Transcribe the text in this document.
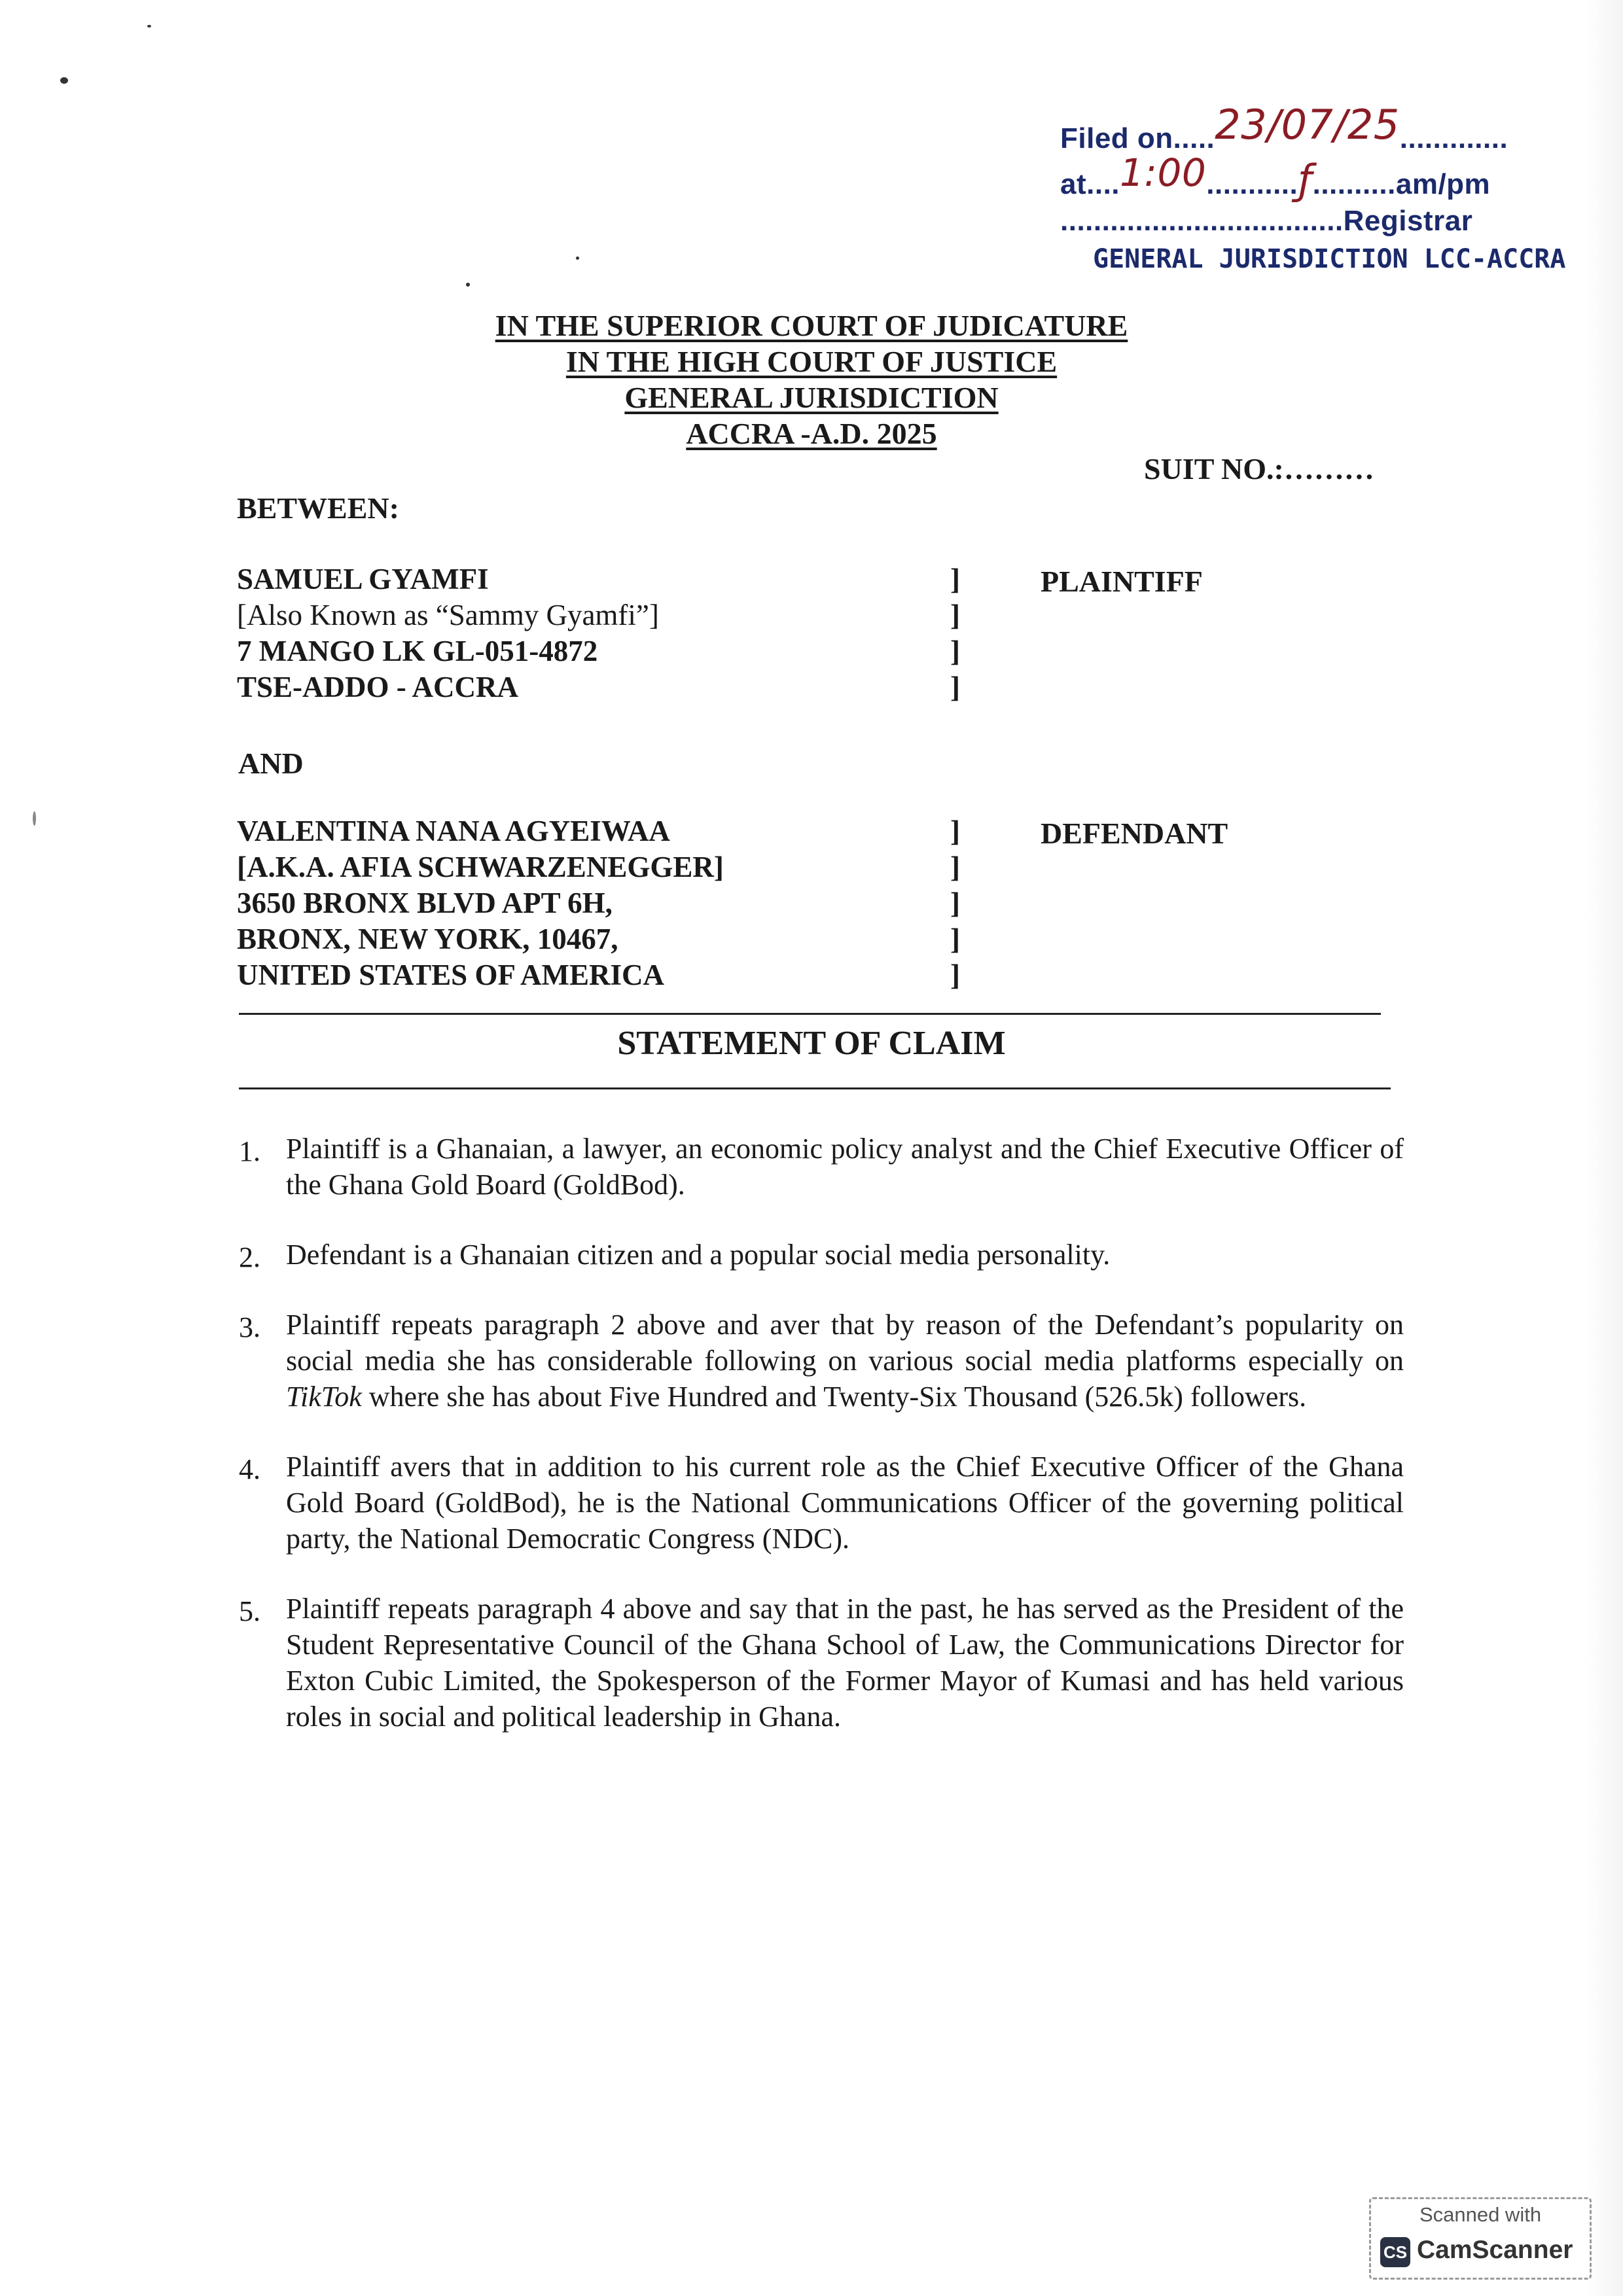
Filed on.....23/07/25.............
at....1:00...........ƒ..........am/pm
..................................Registrar
GENERAL JURISDICTION LCC-ACCRA
IN THE SUPERIOR COURT OF JUDICATURE
IN THE HIGH COURT OF JUSTICE
GENERAL JURISDICTION
ACCRA -A.D. 2025
SUIT NO.:………
BETWEEN:
SAMUEL GYAMFI
[Also Known as “Sammy Gyamfi”]
7 MANGO LK GL-051-4872
TSE-ADDO - ACCRA
]
]
]
]
PLAINTIFF
AND
VALENTINA NANA AGYEIWAA
[A.K.A. AFIA SCHWARZENEGGER]
3650 BRONX BLVD APT 6H,
BRONX, NEW YORK, 10467,
UNITED STATES OF AMERICA
]
]
]
]
]
DEFENDANT
STATEMENT OF CLAIM
1. Plaintiff is a Ghanaian, a lawyer, an economic policy analyst and the Chief Executive Officer of the Ghana Gold Board (GoldBod).
2. Defendant is a Ghanaian citizen and a popular social media personality.
3. Plaintiff repeats paragraph 2 above and aver that by reason of the Defendant’s popularity on social media she has considerable following on various social media platforms especially on TikTok where she has about Five Hundred and Twenty-Six Thousand (526.5k) followers.
4. Plaintiff avers that in addition to his current role as the Chief Executive Officer of the Ghana Gold Board (GoldBod), he is the National Communications Officer of the governing political party, the National Democratic Congress (NDC).
5. Plaintiff repeats paragraph 4 above and say that in the past, he has served as the President of the Student Representative Council of the Ghana School of Law, the Communications Director for Exton Cubic Limited, the Spokesperson of the Former Mayor of Kumasi and has held various roles in social and political leadership in Ghana.
Scanned with
CS CamScanner
